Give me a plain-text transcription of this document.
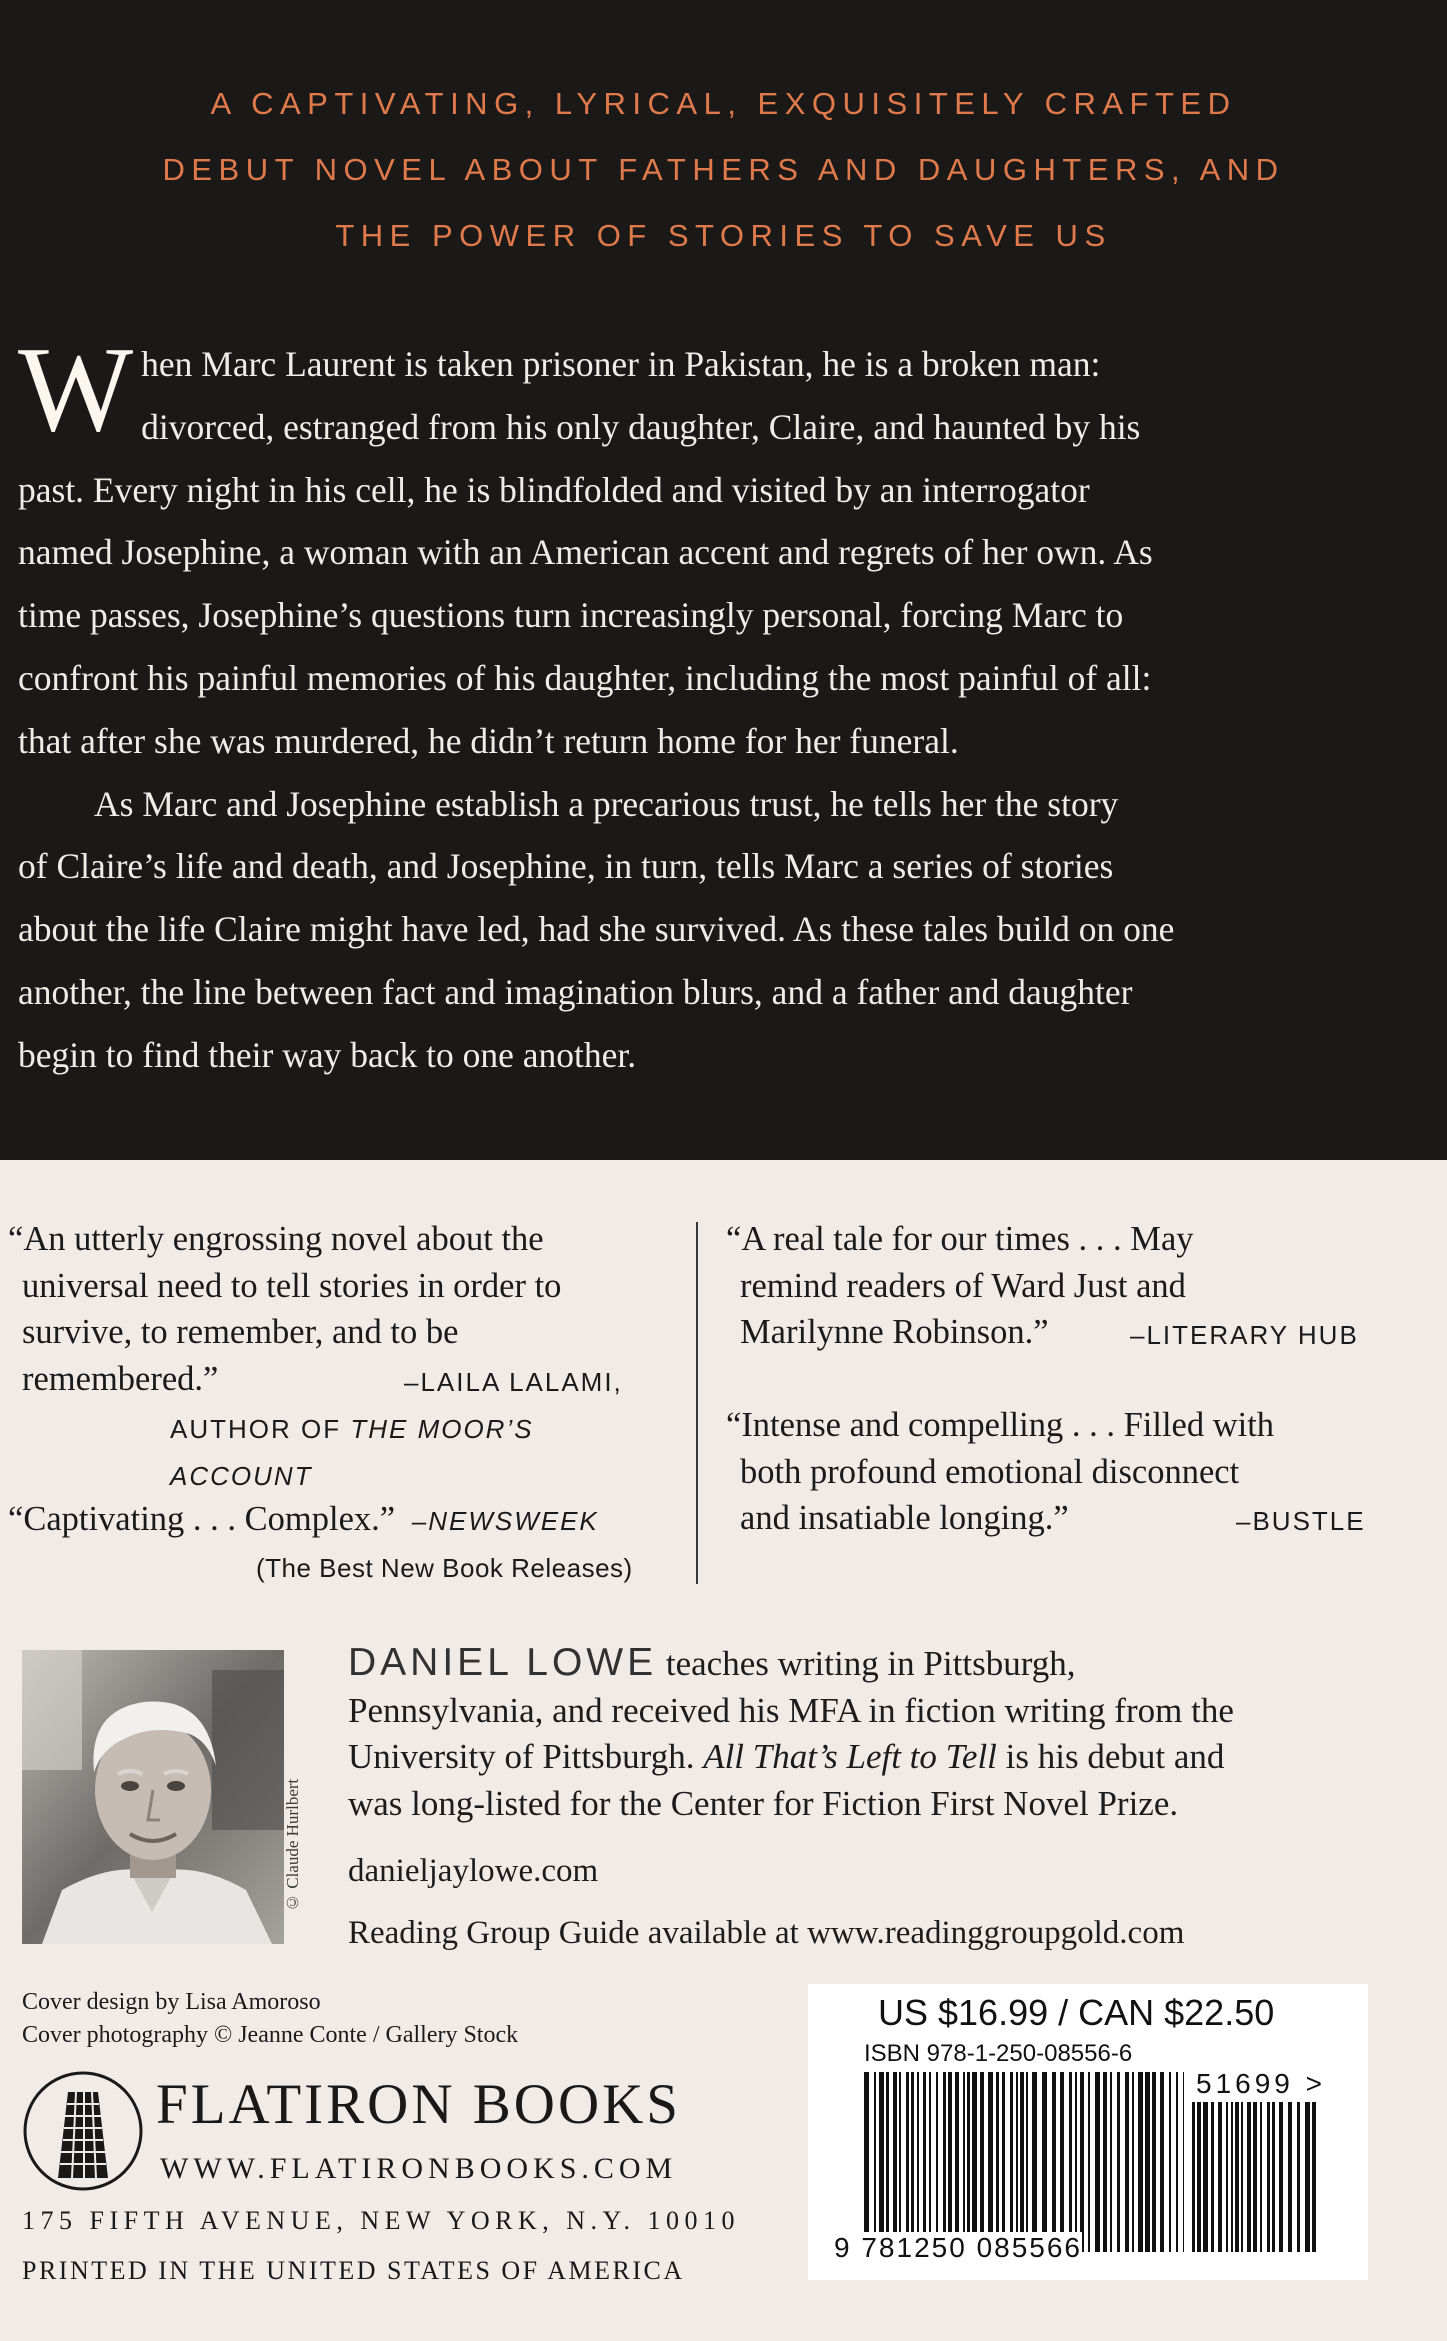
A CAPTIVATING, LYRICAL, EXQUISITELY CRAFTED
DEBUT NOVEL ABOUT FATHERS AND DAUGHTERS, AND
THE POWER OF STORIES TO SAVE US

W hen Marc Laurent is taken prisoner in Pakistan, he is a broken man:
divorced, estranged from his only daughter, Claire, and haunted by his
past. Every night in his cell, he is blindfolded and visited by an interrogator
named Josephine, a woman with an American accent and regrets of her own. As
time passes, Josephine’s questions turn increasingly personal, forcing Marc to
confront his painful memories of his daughter, including the most painful of all:
that after she was murdered, he didn’t return home for her funeral.

As Marc and Josephine establish a precarious trust, he tells her the story
of Claire’s life and death, and Josephine, in turn, tells Marc a series of stories
about the life Claire might have led, had she survived. As these tales build on one
another, the line between fact and imagination blurs, and a father and daughter
begin to find their way back to one another.

“An utterly engrossing novel about the
universal need to tell stories in order to
survive, to remember, and to be
remembered.”	–LAILA LALAMI,
AUTHOR OF THE MOOR’S ACCOUNT
“Captivating . . . Complex.” –NEWSWEEK
(The Best New Book Releases)
“A real tale for our times . . . May
remind readers of Ward Just and
Marilynne Robinson.”	–LITERARY HUB
“Intense and compelling . . . Filled with
both profound emotional disconnect
and insatiable longing.”	–BUSTLE
© Claude Hurlbert
DANIEL LOWE teaches writing in Pittsburgh,
Pennsylvania, and received his MFA in fiction writing from the
University of Pittsburgh. All That’s Left to Tell is his debut and
was long-listed for the Center for Fiction First Novel Prize.
danieljaylowe.com
Reading Group Guide available at www.readinggroupgold.com
Cover design by Lisa Amoroso
Cover photography © Jeanne Conte / Gallery Stock
FLATIRON BOOKS
WWW.FLATIRONBOOKS.COM
175 FIFTH AVENUE, NEW YORK, N.Y. 10010
PRINTED IN THE UNITED STATES OF AMERICA
US $16.99 / CAN $22.50
ISBN 978-1-250-08556-6
51699 >
9 781250 085566
